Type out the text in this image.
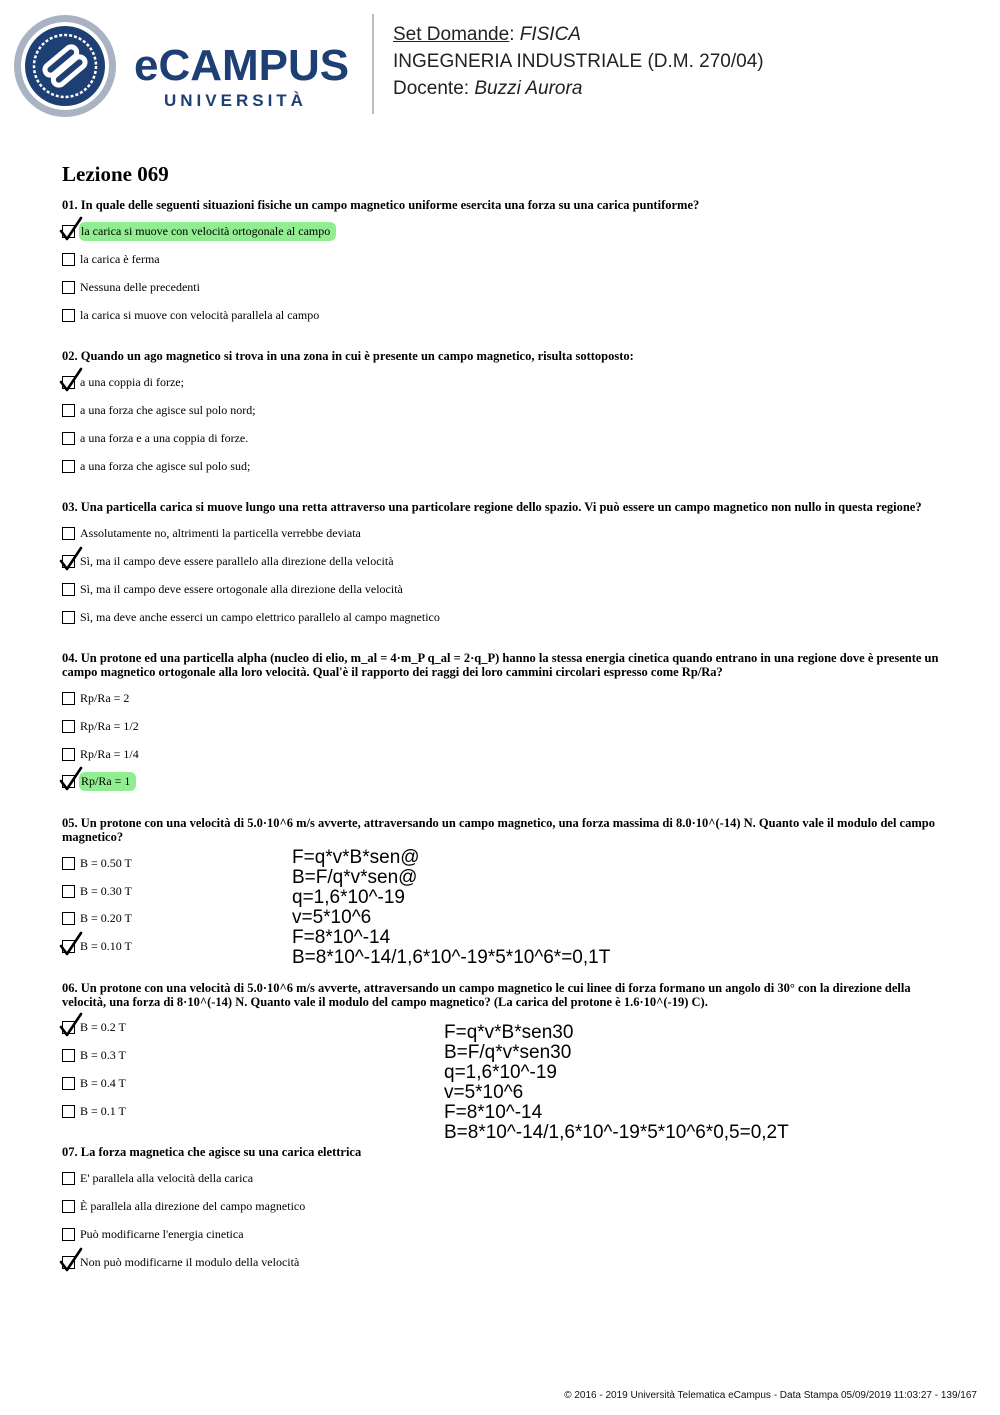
eCAMPUS
UNIVERSITÀ
Set Domande: FISICA
INGEGNERIA INDUSTRIALE (D.M. 270/04)
Docente: Buzzi Aurora
Lezione 069

01. In quale delle seguenti situazioni fisiche un campo magnetico uniforme esercita una forza su una carica puntiforme?

la carica si muove con velocità ortogonale al campo
la carica è ferma
Nessuna delle precedenti
la carica si muove con velocità parallela al campo

02. Quando un ago magnetico si trova in una zona in cui è presente un campo magnetico, risulta sottoposto:

a una coppia di forze;
a una forza che agisce sul polo nord;
a una forza e a una coppia di forze.
a una forza che agisce sul polo sud;

03. Una particella carica si muove lungo una retta attraverso una particolare regione dello spazio. Vi può essere un campo magnetico non nullo in questa regione?

Assolutamente no, altrimenti la particella verrebbe deviata
Sì, ma il campo deve essere parallelo alla direzione della velocità
Sì, ma il campo deve essere ortogonale alla direzione della velocità
Sì, ma deve anche esserci un campo elettrico parallelo al campo magnetico

04. Un protone ed una particella alpha (nucleo di elio, m_al = 4·m_P q_al = 2·q_P) hanno la stessa energia cinetica quando entrano in una regione dove è presente un campo magnetico ortogonale alla loro velocità. Qual'è il rapporto dei raggi dei loro cammini circolari espresso come Rp/Ra?

Rp/Ra = 2
Rp/Ra = 1/2
Rp/Ra = 1/4
Rp/Ra = 1

05. Un protone con una velocità di 5.0·10^6 m/s avverte, attraversando un campo magnetico, una forza massima di 8.0·10^(-14) N. Quanto vale il modulo del campo magnetico?

B = 0.50 T
B = 0.30 T
B = 0.20 T
B = 0.10 T
F=q*v*B*sen@
B=F/q*v*sen@
q=1,6*10^-19
v=5*10^6
F=8*10^-14
B=8*10^-14/1,6*10^-19*5*10^6*=0,1T

06. Un protone con una velocità di 5.0·10^6 m/s avverte, attraversando un campo magnetico le cui linee di forza formano un angolo di 30° con la direzione della velocità, una forza di 8·10^(-14) N. Quanto vale il modulo del campo magnetico? (La carica del protone è 1.6·10^(-19) C).

B = 0.2 T
B = 0.3 T
B = 0.4 T
B = 0.1 T
F=q*v*B*sen30
B=F/q*v*sen30
q=1,6*10^-19
v=5*10^6
F=8*10^-14
B=8*10^-14/1,6*10^-19*5*10^6*0,5=0,2T

07. La forza magnetica che agisce su una carica elettrica

E' parallela alla velocità della carica
È parallela alla direzione del campo magnetico
Può modificarne l'energia cinetica
Non può modificarne il modulo della velocità
© 2016 - 2019 Università Telematica eCampus - Data Stampa 05/09/2019 11:03:27 - 139/167
